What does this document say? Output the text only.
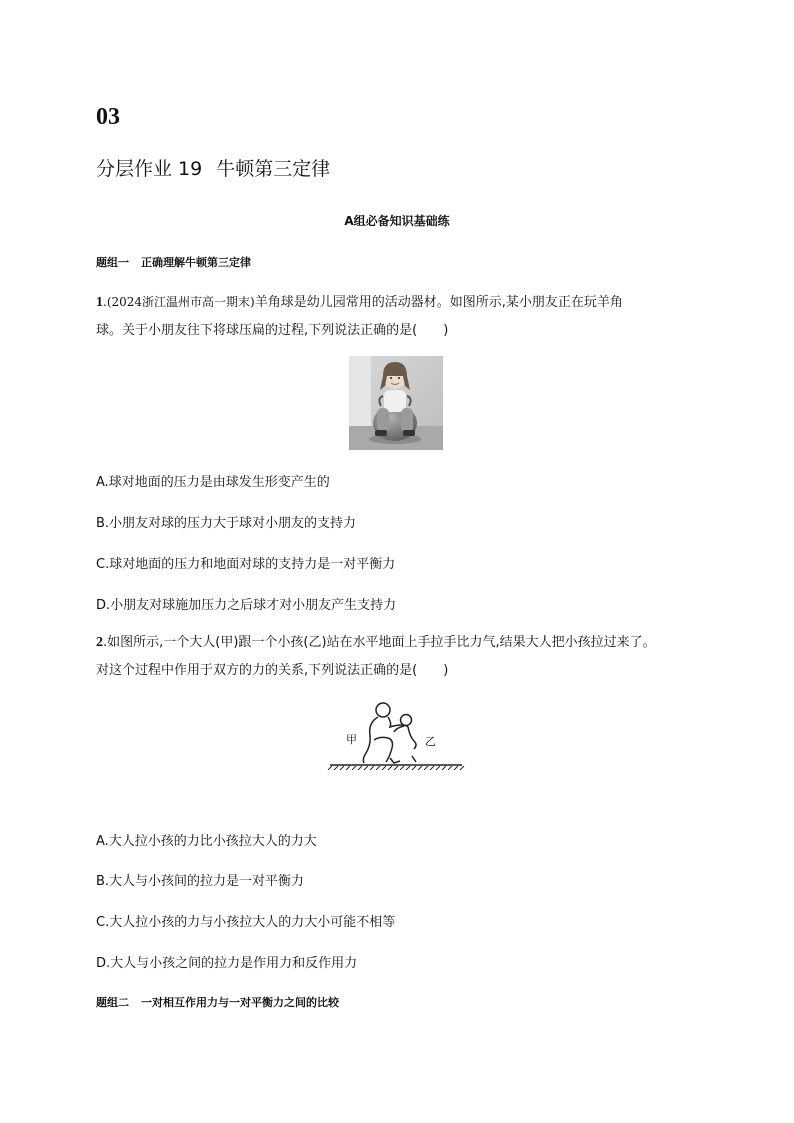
03
分层作业 19 牛顿第三定律
A组必备知识基础练
题组一 正确理解牛顿第三定律
1.(2024浙江温州市高一期末)羊角球是幼儿园常用的活动器材。如图所示,某小朋友正在玩羊角
球。关于小朋友往下将球压扁的过程,下列说法正确的是(　　)
A.球对地面的压力是由球发生形变产生的
B.小朋友对球的压力大于球对小朋友的支持力
C.球对地面的压力和地面对球的支持力是一对平衡力
D.小朋友对球施加压力之后球才对小朋友产生支持力
2.如图所示,一个大人(甲)跟一个小孩(乙)站在水平地面上手拉手比力气,结果大人把小孩拉过来了。
对这个过程中作用于双方的力的关系,下列说法正确的是(　　)
甲	乙
A.大人拉小孩的力比小孩拉大人的力大
B.大人与小孩间的拉力是一对平衡力
C.大人拉小孩的力与小孩拉大人的力大小可能不相等
D.大人与小孩之间的拉力是作用力和反作用力
题组二 一对相互作用力与一对平衡力之间的比较
